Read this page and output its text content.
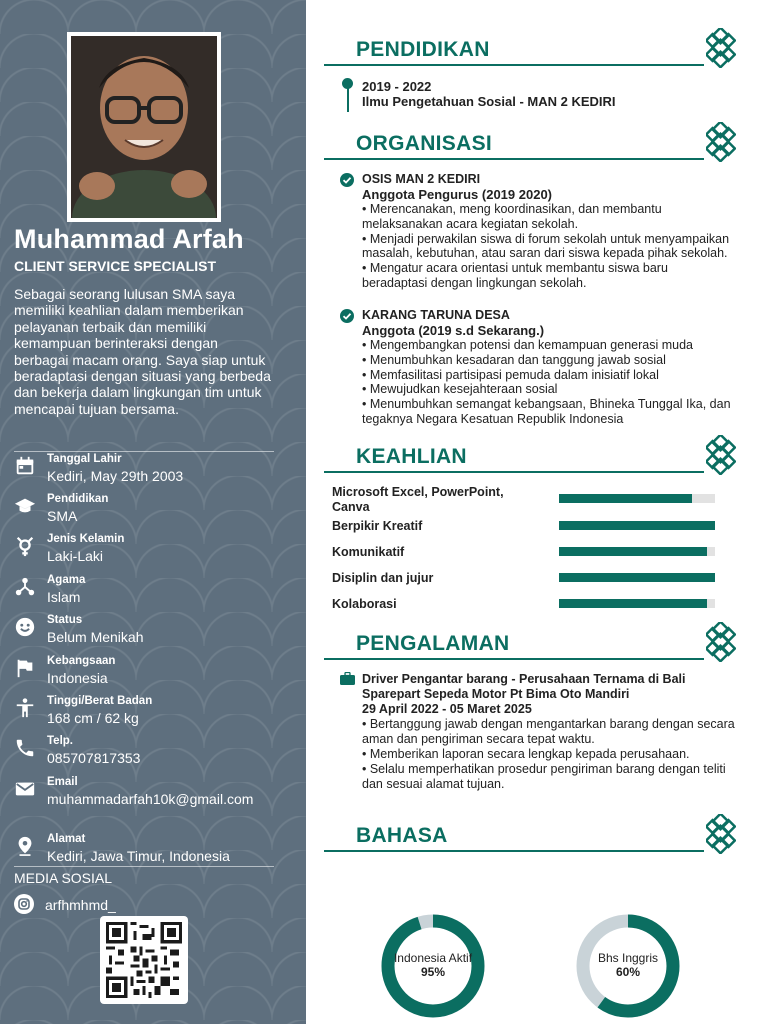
Muhammad Arfah
CLIENT SERVICE SPECIALIST
Sebagai seorang lulusan SMA saya memiliki keahlian dalam memberikan pelayanan terbaik dan memiliki kemampuan berinteraksi dengan berbagai macam orang. Saya siap untuk beradaptasi dengan situasi yang berbeda dan bekerja dalam lingkungan tim untuk mencapai tujuan bersama.
Tanggal Lahir
Kediri, May 29th 2003
Pendidikan
SMA
Jenis Kelamin
Laki-Laki
Agama
Islam
Status
Belum Menikah
Kebangsaan
Indonesia
Tinggi/Berat Badan
168 cm / 62 kg
Telp.
085707817353
Email
muhammadarfah10k@gmail.com
Alamat
Kediri, Jawa Timur, Indonesia
MEDIA SOSIAL
arfhmhmd_
PENDIDIKAN
2019 - 2022
Ilmu Pengetahuan Sosial - MAN 2 KEDIRI
ORGANISASI
OSIS MAN 2 KEDIRI
Anggota Pengurus (2019 2020)
• Merencanakan, meng koordinasikan, dan membantu melaksanakan acara kegiatan sekolah.
• Menjadi perwakilan siswa di forum sekolah untuk menyampaikan masalah, kebutuhan, atau saran dari siswa kepada pihak sekolah.
• Mengatur acara orientasi untuk membantu siswa baru beradaptasi dengan lingkungan sekolah.
KARANG TARUNA DESA
Anggota (2019 s.d Sekarang.)
• Mengembangkan potensi dan kemampuan generasi muda
• Menumbuhkan kesadaran dan tanggung jawab sosial
• Memfasilitasi partisipasi pemuda dalam inisiatif lokal
• Mewujudkan kesejahteraan sosial
• Menumbuhkan semangat kebangsaan, Bhineka Tunggal Ika, dan tegaknya Negara Kesatuan Republik Indonesia
KEAHLIAN
Microsoft Excel, PowerPoint, Canva
Berpikir Kreatif
Komunikatif
Disiplin dan jujur
Kolaborasi
PENGALAMAN
Driver Pengantar barang - Perusahaan Ternama di Bali Sparepart Sepeda Motor Pt Bima Oto Mandiri
29 April 2022 - 05 Maret 2025
• Bertanggung jawab dengan mengantarkan barang dengan secara aman dan pengiriman secara tepat waktu.
• Memberikan laporan secara lengkap kepada perusahaan.
• Selalu memperhatikan prosedur pengiriman barang dengan teliti dan sesuai alamat tujuan.
BAHASA
Indonesia Aktif
95%
Bhs Inggris
60%
